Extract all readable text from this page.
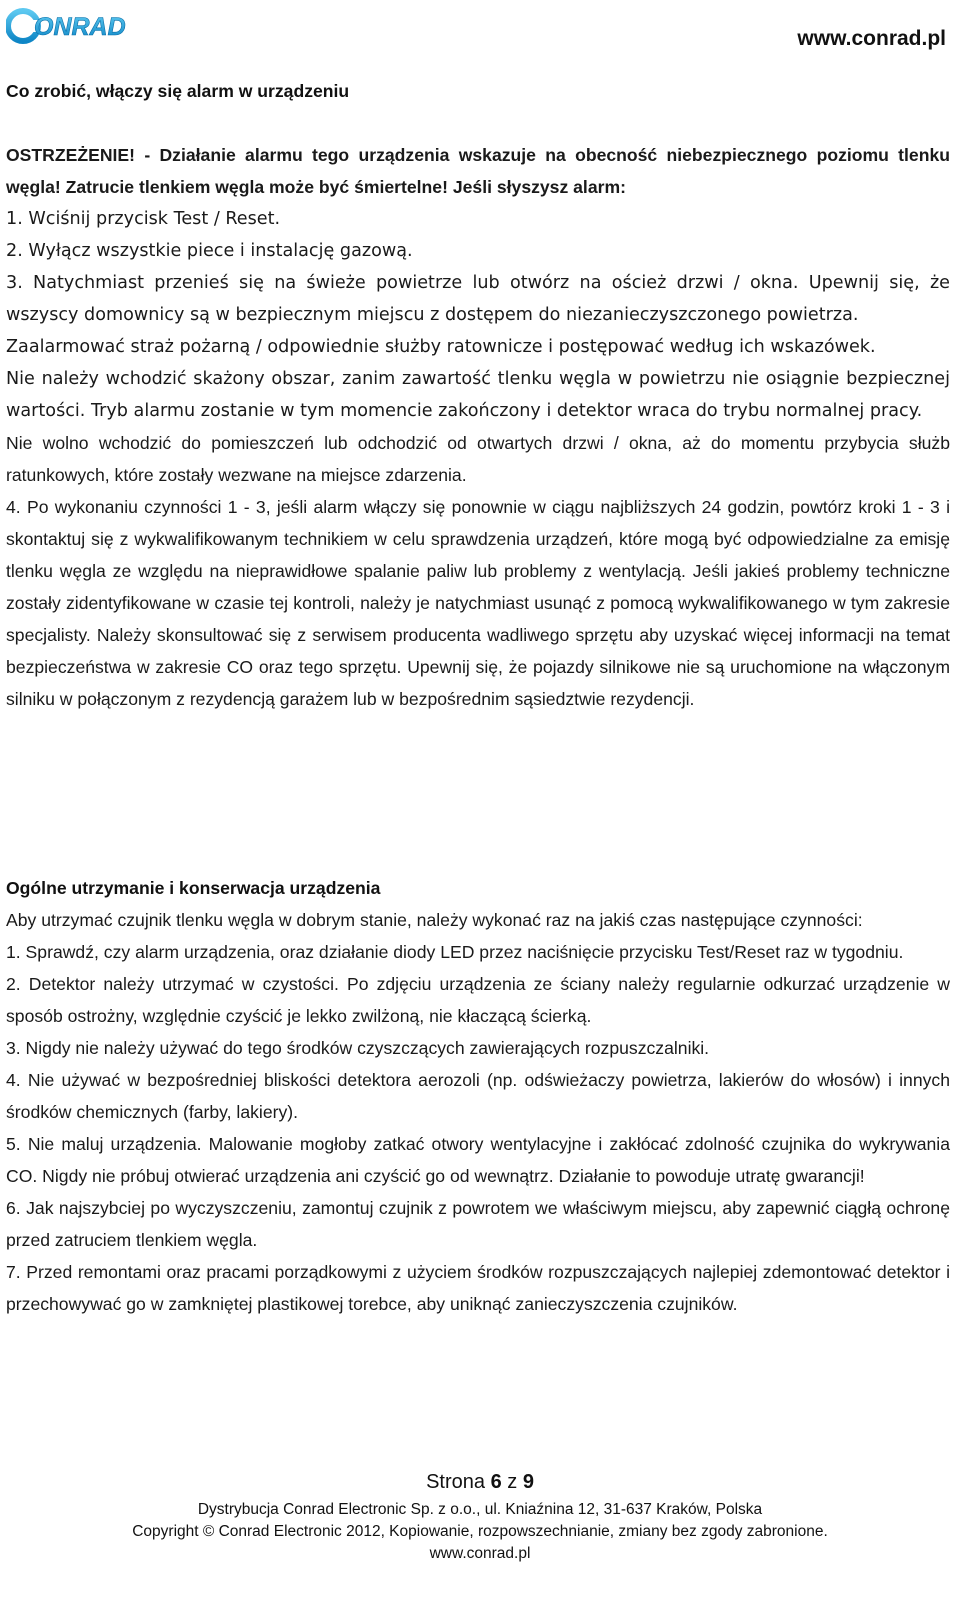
ONRAD	www.conrad.pl

Co zrobić, włączy się alarm w urządzeniu

OSTRZEŻENIE! - Działanie alarmu tego urządzenia wskazuje na obecność niebezpiecznego poziomu tlenku węgla! Zatrucie tlenkiem węgla może być śmiertelne! Jeśli słyszysz alarm:

1. Wciśnij przycisk Test / Reset.

2. Wyłącz wszystkie piece i instalację gazową.

3. Natychmiast przenieś się na świeże powietrze lub otwórz na oścież drzwi / okna. Upewnij się, że wszyscy domownicy są w bezpiecznym miejscu z dostępem do niezanieczyszczonego powietrza.

Zaalarmować straż pożarną / odpowiednie służby ratownicze i postępować według ich wskazówek.

Nie należy wchodzić skażony obszar, zanim zawartość tlenku węgla w powietrzu nie osiągnie bezpiecznej wartości. Tryb alarmu zostanie w tym momencie zakończony i detektor wraca do trybu normalnej pracy.

Nie wolno wchodzić do pomieszczeń lub odchodzić od otwartych drzwi / okna, aż do momentu przybycia służb ratunkowych, które zostały wezwane na miejsce zdarzenia.

4. Po wykonaniu czynności 1 - 3, jeśli alarm włączy się ponownie w ciągu najbliższych 24 godzin, powtórz kroki 1 - 3 i skontaktuj się z wykwalifikowanym technikiem w celu sprawdzenia urządzeń, które mogą być odpowiedzialne za emisję tlenku węgla ze względu na nieprawidłowe spalanie paliw lub problemy z wentylacją. Jeśli jakieś problemy techniczne zostały zidentyfikowane w czasie tej kontroli, należy je natychmiast usunąć z pomocą wykwalifikowanego w tym zakresie specjalisty. Należy skonsultować się z serwisem producenta wadliwego sprzętu aby uzyskać więcej informacji na temat bezpieczeństwa w zakresie CO oraz tego sprzętu. Upewnij się, że pojazdy silnikowe nie są uruchomione na włączonym silniku w połączonym z rezydencją garażem lub w bezpośrednim sąsiedztwie rezydencji.

Ogólne utrzymanie i konserwacja urządzenia

Aby utrzymać czujnik tlenku węgla w dobrym stanie, należy wykonać raz na jakiś czas następujące czynności:

1. Sprawdź, czy alarm urządzenia, oraz działanie diody LED przez naciśnięcie przycisku Test/Reset raz w tygodniu.

2. Detektor należy utrzymać w czystości. Po zdjęciu urządzenia ze ściany należy regularnie odkurzać urządzenie w sposób ostrożny, względnie czyścić je lekko zwilżoną, nie kłaczącą ścierką.

3. Nigdy nie należy używać do tego środków czyszczących zawierających rozpuszczalniki.

4. Nie używać w bezpośredniej bliskości detektora aerozoli (np. odświeżaczy powietrza, lakierów do włosów) i innych środków chemicznych (farby, lakiery).

5. Nie maluj urządzenia. Malowanie mogłoby zatkać otwory wentylacyjne i zakłócać zdolność czujnika do wykrywania CO. Nigdy nie próbuj otwierać urządzenia ani czyścić go od wewnątrz. Działanie to powoduje utratę gwarancji!

6. Jak najszybciej po wyczyszczeniu, zamontuj czujnik z powrotem we właściwym miejscu, aby zapewnić ciągłą ochronę przed zatruciem tlenkiem węgla.

7. Przed remontami oraz pracami porządkowymi z użyciem środków rozpuszczających najlepiej zdemontować detektor i przechowywać go w zamkniętej plastikowej torebce, aby uniknąć zanieczyszczenia czujników.

Strona 6 z 9
Dystrybucja Conrad Electronic Sp. z o.o., ul. Kniaźnina 12, 31-637 Kraków, Polska
Copyright © Conrad Electronic 2012, Kopiowanie, rozpowszechnianie, zmiany bez zgody zabronione.
www.conrad.pl
